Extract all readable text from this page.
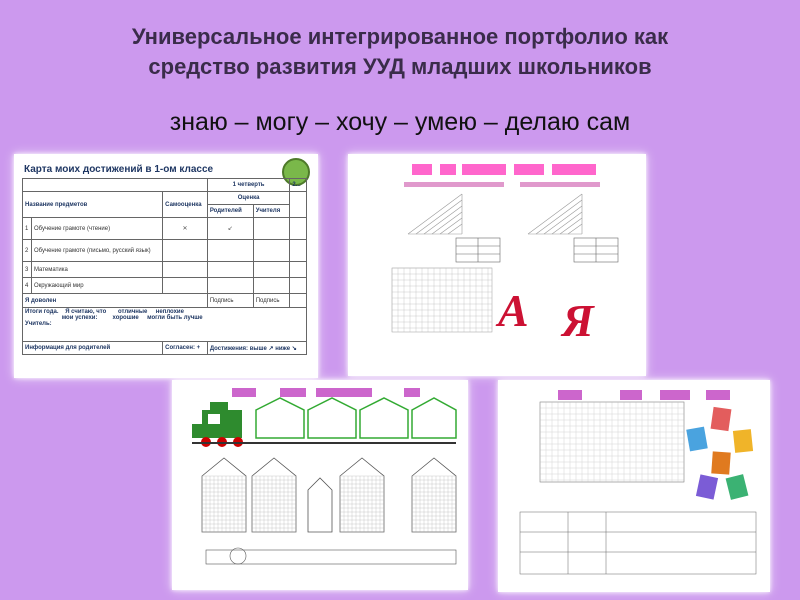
Универсальное интегрированное портфолио как
средство развития УУД младших школьников
знаю – могу – хочу – умею – делаю сам
Карта моих достижений в 1-ом классе
			1 четверть		2...
Название предметов		Самооценка	Оценка		
			Родителей	Учителя	
1	Обучение грамоте (чтение)	✕	↙		
2	Обучение грамоте (письмо, русский язык)				
3	Математика				
4	Окружающий мир				
Я доволен			Подпись	Подпись	
Итоги года. Я считаю, что отличные неплохие
мои успехи: хорошие могли быть лучше
Учитель:					
Информация для родителей		Согласен: +	Достижения: выше ↗ ниже ↘		
А Я
